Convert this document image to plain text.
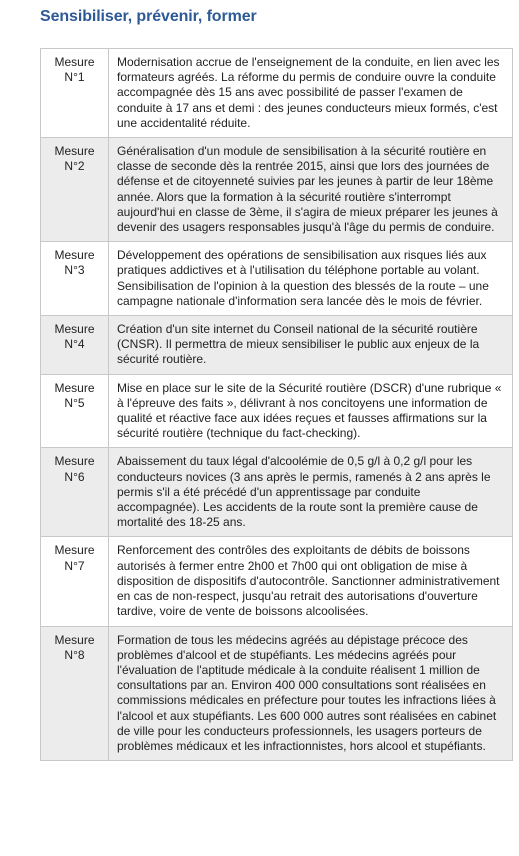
Sensibiliser, prévenir, former
Mesure
N°1	Modernisation accrue de l'enseignement de la conduite, en lien avec les formateurs agréés. La réforme du permis de conduire ouvre la conduite accompagnée dès 15 ans avec possibilité de passer l'examen de conduite à 17 ans et demi : des jeunes conducteurs mieux formés, c'est une accidentalité réduite.

Mesure
N°2	Généralisation d'un module de sensibilisation à la sécurité routière en classe de seconde dès la rentrée 2015, ainsi que lors des journées de défense et de citoyenneté suivies par les jeunes à partir de leur 18ème année. Alors que la formation à la sécurité routière s'interrompt aujourd'hui en classe de 3ème, il s'agira de mieux préparer les jeunes à devenir des usagers responsables jusqu'à l'âge du permis de conduire.

Mesure
N°3	Développement des opérations de sensibilisation aux risques liés aux pratiques addictives et à l'utilisation du téléphone portable au volant. Sensibilisation de l'opinion à la question des blessés de la route – une campagne nationale d'information sera lancée dès le mois de février.

Mesure
N°4	Création d'un site internet du Conseil national de la sécurité routière (CNSR). Il permettra de mieux sensibiliser le public aux enjeux de la sécurité routière.

Mesure
N°5	Mise en place sur le site de la Sécurité routière (DSCR) d'une rubrique « à l'épreuve des faits », délivrant à nos concitoyens une information de qualité et réactive face aux idées reçues et fausses affirmations sur la sécurité routière (technique du fact-checking).

Mesure
N°6	Abaissement du taux légal d'alcoolémie de 0,5 g/l à 0,2 g/l pour les conducteurs novices (3 ans après le permis, ramenés à 2 ans après le permis s'il a été précédé d'un apprentissage par conduite accompagnée). Les accidents de la route sont la première cause de mortalité des 18-25 ans.

Mesure
N°7	Renforcement des contrôles des exploitants de débits de boissons autorisés à fermer entre 2h00 et 7h00 qui ont obligation de mise à disposition de dispositifs d'autocontrôle. Sanctionner administrativement en cas de non-respect, jusqu'au retrait des autorisations d'ouverture tardive, voire de vente de boissons alcoolisées.

Mesure
N°8	Formation de tous les médecins agréés au dépistage précoce des problèmes d'alcool et de stupéfiants. Les médecins agréés pour l'évaluation de l'aptitude médicale à la conduite réalisent 1 million de consultations par an. Environ 400 000 consultations sont réalisées en commissions médicales en préfecture pour toutes les infractions liées à l'alcool et aux stupéfiants. Les 600 000 autres sont réalisées en cabinet de ville pour les conducteurs professionnels, les usagers porteurs de problèmes médicaux et les infractionnistes, hors alcool et stupéfiants.
